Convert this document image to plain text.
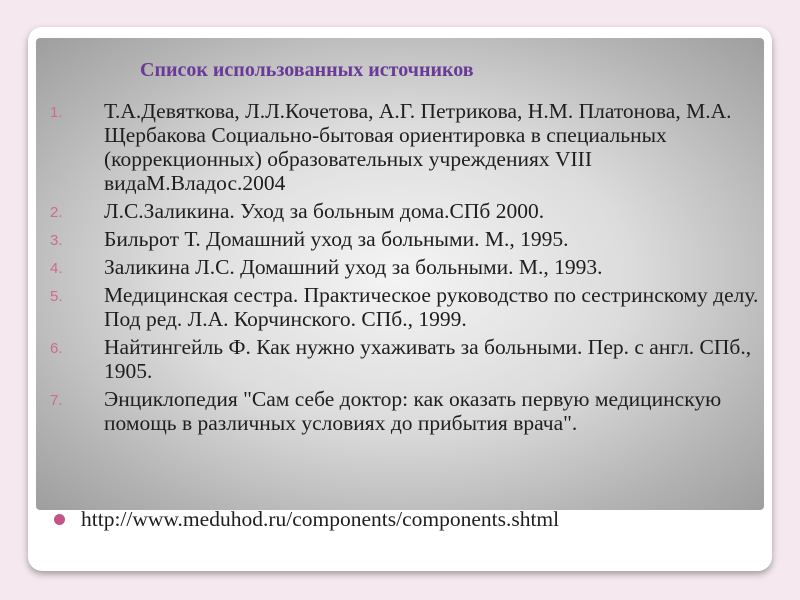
Список использованных источников
1.	Т.А.Девяткова, Л.Л.Кочетова, А.Г. Петрикова, Н.М. Платонова, М.А. Щербакова Социально-бытовая ориентировка в специальных (коррекционных) образовательных учреждениях VIII видаМ.Владос.2004
2.	Л.С.Заликина. Уход за больным дома.СПб 2000.
3.	Бильрот Т. Домашний уход за больными. М., 1995.
4.	Заликина Л.С. Домашний уход за больными. М., 1993.
5.	Медицинская сестра. Практическое руководство по сестринскому делу. Под ред. Л.А. Корчинского. СПб., 1999.
6.	Найтингейль Ф. Как нужно ухаживать за больными. Пер. с англ. СПб., 1905.
7.	Энциклопедия "Сам себе доктор: как оказать первую медицинскую помощь в различных условиях до прибытия врача".
http://www.meduhod.ru/components/components.shtml
